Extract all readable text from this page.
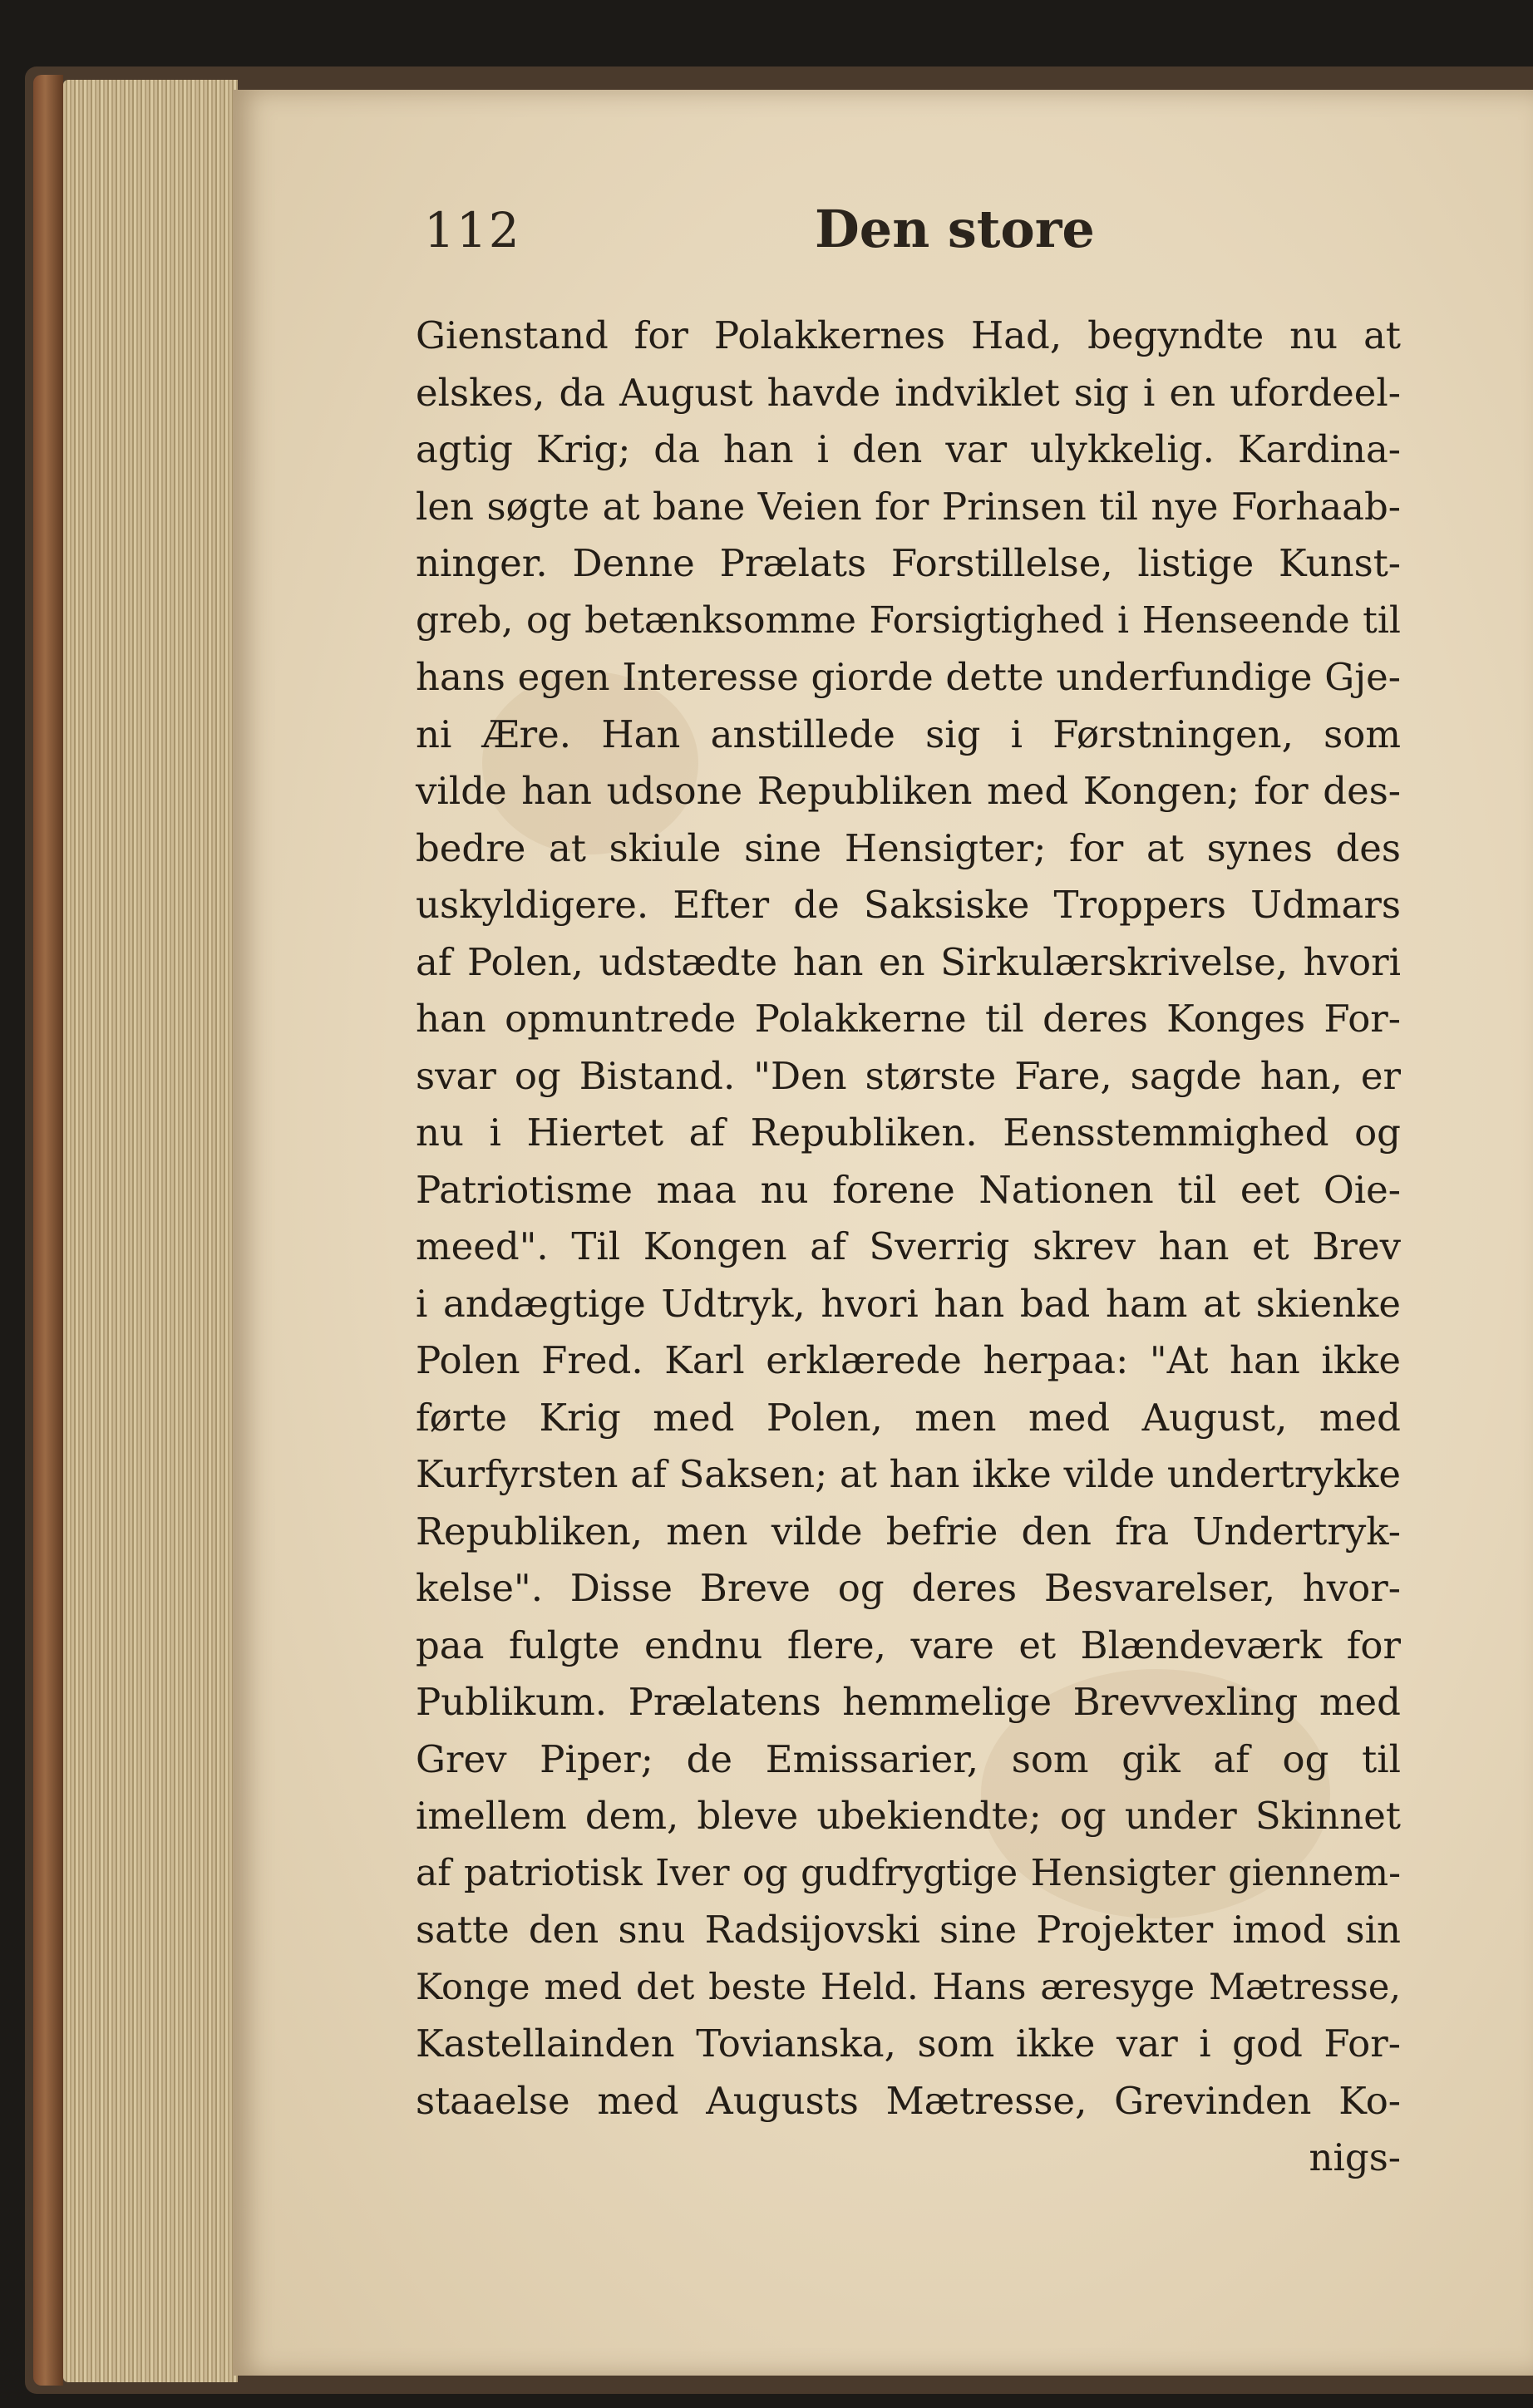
112	Den store
Gienstand for Polakkernes Had, begyndte nu at
elskes, da August havde indviklet sig i en ufordeel-
agtig Krig; da han i den var ulykkelig. Kardina-
len søgte at bane Veien for Prinsen til nye Forhaab-
ninger. Denne Prælats Forstillelse, listige Kunst-
greb, og betænksomme Forsigtighed i Henseende til
hans egen Interesse giorde dette underfundige Gje-
ni Ære. Han anstillede sig i Førstningen, som
vilde han udsone Republiken med Kongen; for des-
bedre at skiule sine Hensigter; for at synes des
uskyldigere. Efter de Saksiske Troppers Udmars
af Polen, udstædte han en Sirkulærskrivelse, hvori
han opmuntrede Polakkerne til deres Konges For-
svar og Bistand. "Den største Fare, sagde han, er
nu i Hiertet af Republiken. Eensstemmighed og
Patriotisme maa nu forene Nationen til eet Oie-
meed". Til Kongen af Sverrig skrev han et Brev
i andægtige Udtryk, hvori han bad ham at skienke
Polen Fred. Karl erklærede herpaa: "At han ikke
førte Krig med Polen, men med August, med
Kurfyrsten af Saksen; at han ikke vilde undertrykke
Republiken, men vilde befrie den fra Undertryk-
kelse". Disse Breve og deres Besvarelser, hvor-
paa fulgte endnu flere, vare et Blændeværk for
Publikum. Prælatens hemmelige Brevvexling med
Grev Piper; de Emissarier, som gik af og til
imellem dem, bleve ubekiendte; og under Skinnet
af patriotisk Iver og gudfrygtige Hensigter giennem-
satte den snu Radsijovski sine Projekter imod sin
Konge med det beste Held. Hans æresyge Mætresse,
Kastellainden Tovianska, som ikke var i god For-
staaelse med Augusts Mætresse, Grevinden Ko-
nigs-
